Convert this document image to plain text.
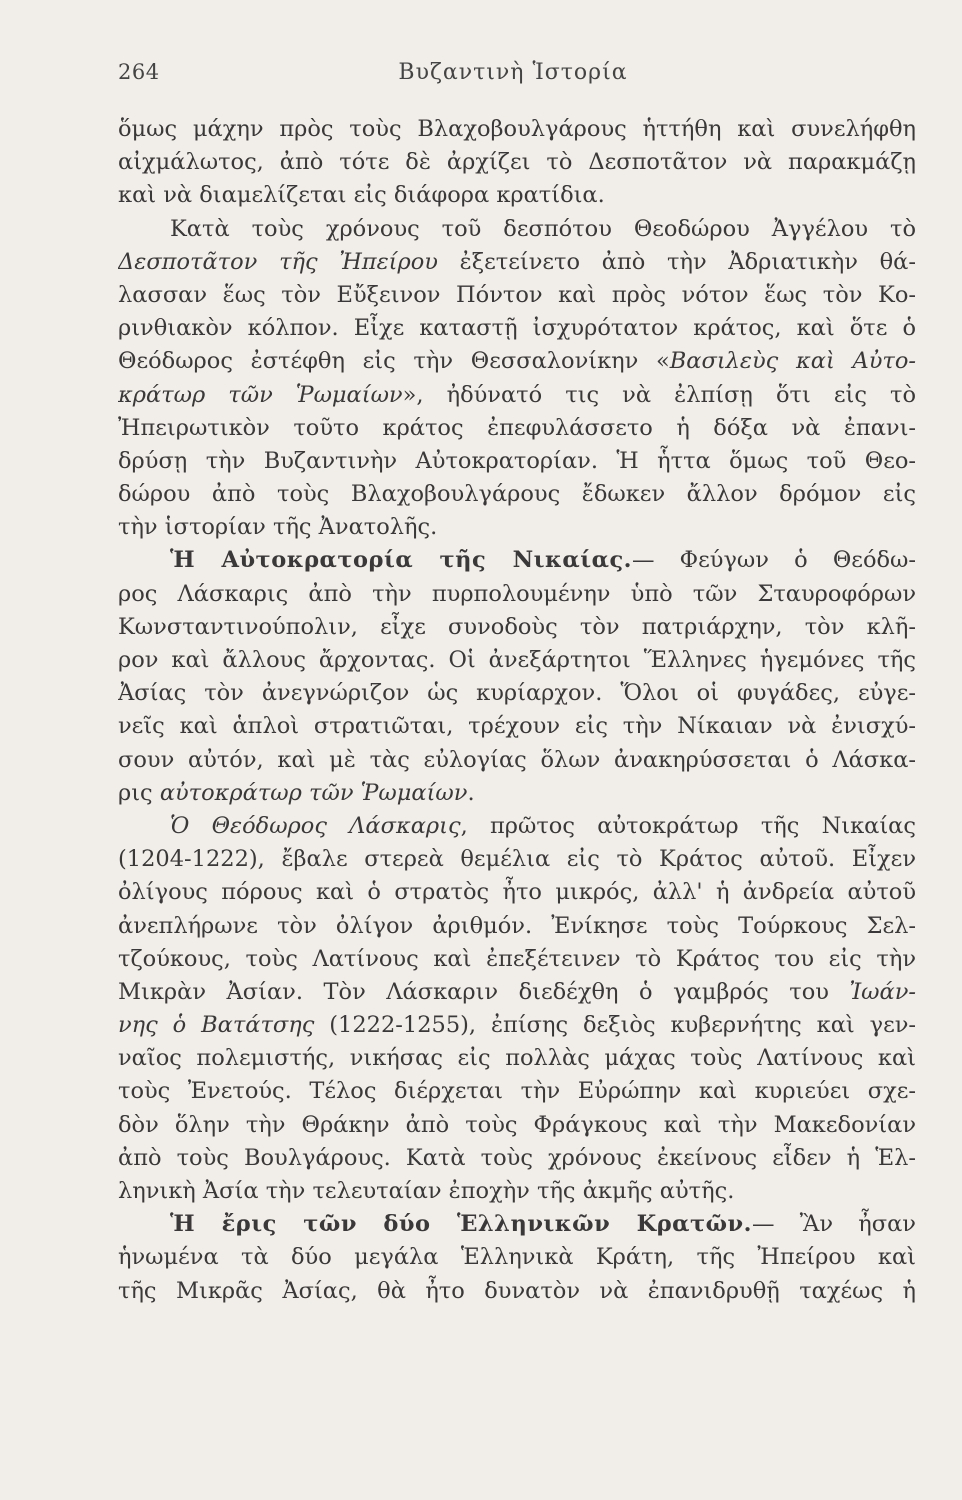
264	Βυζαντινὴ Ἱστορία
ὅμως μάχην πρὸς τοὺς Βλαχοβουλγάρους ἡττήθη καὶ συνελήφθη
αἰχμάλωτος, ἀπὸ τότε δὲ ἀρχίζει τὸ Δεσποτᾶτον νὰ παρακμάζῃ
καὶ νὰ διαμελίζεται εἰς διάφορα κρατίδια.
Κατὰ τοὺς χρόνους τοῦ δεσπότου Θεοδώρου Ἀγγέλου τὸ
Δεσποτᾶτον τῆς Ἠπείρου ἐξετείνετο ἀπὸ τὴν Ἀδριατικὴν θά-
λασσαν ἕως τὸν Εὔξεινον Πόντον καὶ πρὸς νότον ἕως τὸν Κο-
ρινθιακὸν κόλπον. Εἶχε καταστῇ ἰσχυρότατον κράτος, καὶ ὅτε ὁ
Θεόδωρος ἐστέφθη εἰς τὴν Θεσσαλονίκην «Βασιλεὺς καὶ Αὐτο-
κράτωρ τῶν Ῥωμαίων», ἠδύνατό τις νὰ ἐλπίσῃ ὅτι εἰς τὸ
Ἠπειρωτικὸν τοῦτο κράτος ἐπεφυλάσσετο ἡ δόξα νὰ ἐπανι-
δρύσῃ τὴν Βυζαντινὴν Αὐτοκρατορίαν. Ἡ ἧττα ὅμως τοῦ Θεο-
δώρου ἀπὸ τοὺς Βλαχοβουλγάρους ἔδωκεν ἄλλον δρόμον εἰς
τὴν ἱστορίαν τῆς Ἀνατολῆς.
Ἡ Αὐτοκρατορία τῆς Νικαίας.— Φεύγων ὁ Θεόδω-
ρος Λάσκαρις ἀπὸ τὴν πυρπολουμένην ὑπὸ τῶν Σταυροφόρων
Κωνσταντινούπολιν, εἶχε συνοδοὺς τὸν πατριάρχην, τὸν κλῆ-
ρον καὶ ἄλλους ἄρχοντας. Οἱ ἀνεξάρτητοι Ἕλληνες ἡγεμόνες τῆς
Ἀσίας τὸν ἀνεγνώριζον ὡς κυρίαρχον. Ὅλοι οἱ φυγάδες, εὐγε-
νεῖς καὶ ἁπλοὶ στρατιῶται, τρέχουν εἰς τὴν Νίκαιαν νὰ ἐνισχύ-
σουν αὐτόν, καὶ μὲ τὰς εὐλογίας ὅλων ἀνακηρύσσεται ὁ Λάσκα-
ρις αὐτοκράτωρ τῶν Ῥωμαίων.
Ὁ Θεόδωρος Λάσκαρις, πρῶτος αὐτοκράτωρ τῆς Νικαίας
(1204-1222), ἔβαλε στερεὰ θεμέλια εἰς τὸ Κράτος αὐτοῦ. Εἶχεν
ὀλίγους πόρους καὶ ὁ στρατὸς ἦτο μικρός, ἀλλ' ἡ ἀνδρεία αὐτοῦ
ἀνεπλήρωνε τὸν ὀλίγον ἀριθμόν. Ἐνίκησε τοὺς Τούρκους Σελ-
τζούκους, τοὺς Λατίνους καὶ ἐπεξέτεινεν τὸ Κράτος του εἰς τὴν
Μικρὰν Ἀσίαν. Τὸν Λάσκαριν διεδέχθη ὁ γαμβρός του Ἰωάν-
νης ὁ Βατάτσης (1222-1255), ἐπίσης δεξιὸς κυβερνήτης καὶ γεν-
ναῖος πολεμιστής, νικήσας εἰς πολλὰς μάχας τοὺς Λατίνους καὶ
τοὺς Ἐνετούς. Τέλος διέρχεται τὴν Εὐρώπην καὶ κυριεύει σχε-
δὸν ὅλην τὴν Θράκην ἀπὸ τοὺς Φράγκους καὶ τὴν Μακεδονίαν
ἀπὸ τοὺς Βουλγάρους. Κατὰ τοὺς χρόνους ἐκείνους εἶδεν ἡ Ἑλ-
ληνικὴ Ἀσία τὴν τελευταίαν ἐποχὴν τῆς ἀκμῆς αὐτῆς.
Ἡ ἔρις τῶν δύο Ἑλληνικῶν Κρατῶν.— Ἂν ἦσαν
ἡνωμένα τὰ δύο μεγάλα Ἑλληνικὰ Κράτη, τῆς Ἠπείρου καὶ
τῆς Μικρᾶς Ἀσίας, θὰ ἦτο δυνατὸν νὰ ἐπανιδρυθῇ ταχέως ἡ
